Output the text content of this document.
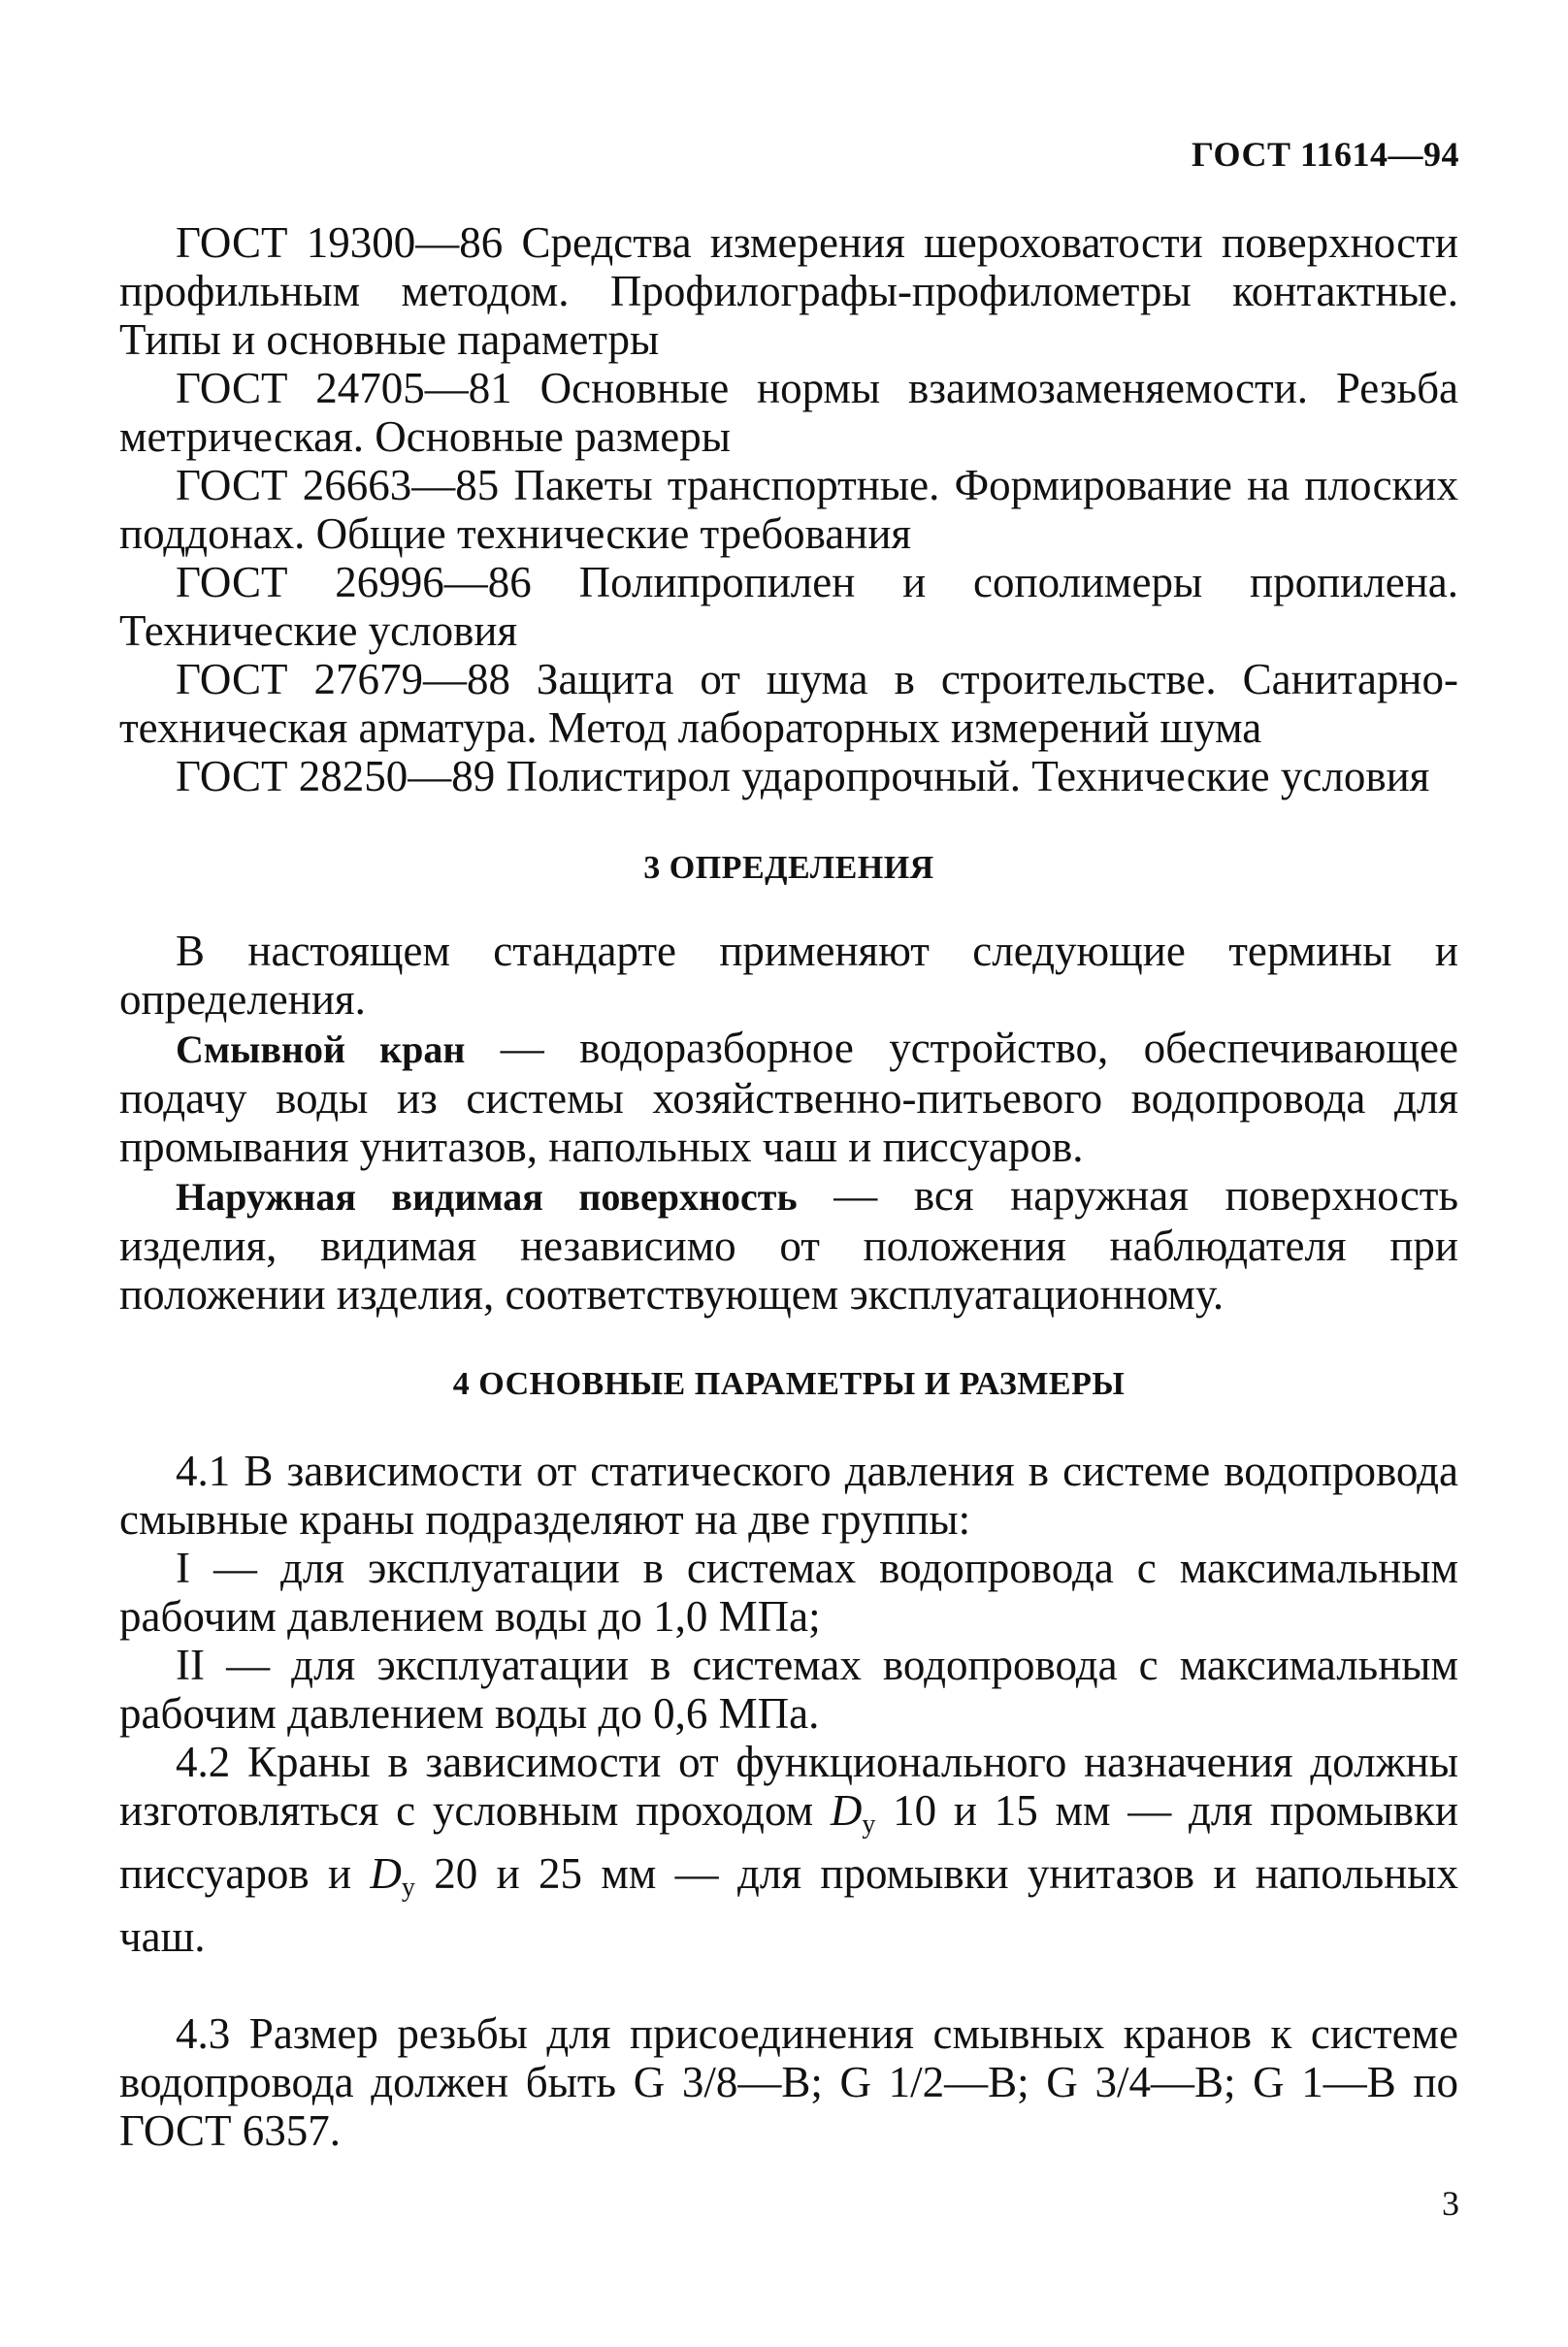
ГОСТ 11614—94

ГОСТ 19300—86 Средства измерения шероховатости поверхности профильным методом. Профилографы-профилометры контактные. Типы и основные параметры

ГОСТ 24705—81 Основные нормы взаимозаменяемости. Резьба метрическая. Основные размеры

ГОСТ 26663—85 Пакеты транспортные. Формирование на плоских поддонах. Общие технические требования

ГОСТ 26996—86 Полипропилен и сополимеры пропилена. Технические условия

ГОСТ 27679—88 Защита от шума в строительстве. Санитарно-техническая арматура. Метод лабораторных измерений шума

ГОСТ 28250—89 Полистирол ударопрочный. Технические условия

3 ОПРЕДЕЛЕНИЯ

В настоящем стандарте применяют следующие термины и определения.

Смывной кран — водоразборное устройство, обеспечивающее подачу воды из системы хозяйственно-питьевого водопровода для промывания унитазов, напольных чаш и писсуаров.

Наружная видимая поверхность — вся наружная поверхность изделия, видимая независимо от положения наблюдателя при положении изделия, соответствующем эксплуатационному.

4 ОСНОВНЫЕ ПАРАМЕТРЫ И РАЗМЕРЫ

4.1 В зависимости от статического давления в системе водопровода смывные краны подразделяют на две группы:

I — для эксплуатации в системах водопровода с максимальным рабочим давлением воды до 1,0 МПа;

II — для эксплуатации в системах водопровода с максимальным рабочим давлением воды до 0,6 МПа.

4.2 Краны в зависимости от функционального назначения должны изготовляться с условным проходом $D_у$ 10 и 15 мм — для промывки писсуаров и $D_у$ 20 и 25 мм — для промывки унитазов и напольных чаш.

4.3 Размер резьбы для присоединения смывных кранов к системе водопровода должен быть G 3/8—B; G 1/2—B; G 3/4—B; G 1—B по ГОСТ 6357.

3
